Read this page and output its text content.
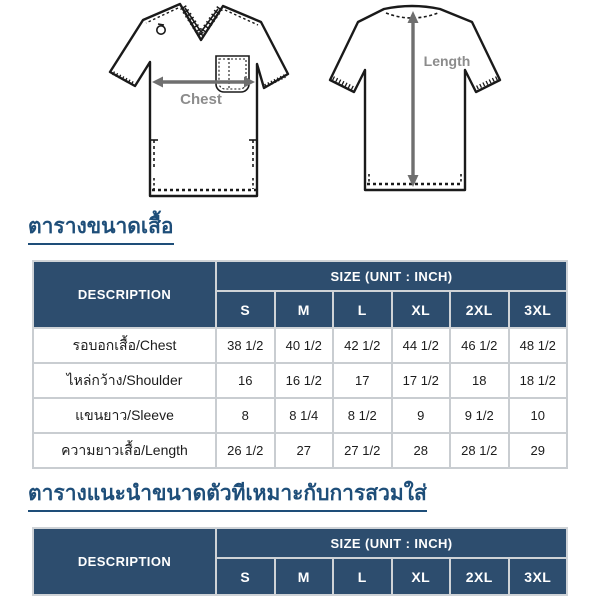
Chest
Length
ตารางขนาดเสื้อ
DESCRIPTION	SIZE (UNIT : INCH)					
	S	M	L	XL	2XL	3XL
รอบอกเสื้อ/Chest	38 1/2	40 1/2	42 1/2	44 1/2	46 1/2	48 1/2
ไหล่กว้าง/Shoulder	16	16 1/2	17	17 1/2	18	18 1/2
แขนยาว/Sleeve	8	8 1/4	8 1/2	9	9 1/2	10
ความยาวเสื้อ/Length	26 1/2	27	27 1/2	28	28 1/2	29
ตารางแนะนำขนาดตัวทีเหมาะกับการสวมใส่
DESCRIPTION	SIZE (UNIT : INCH)					
	S	M	L	XL	2XL	3XL
